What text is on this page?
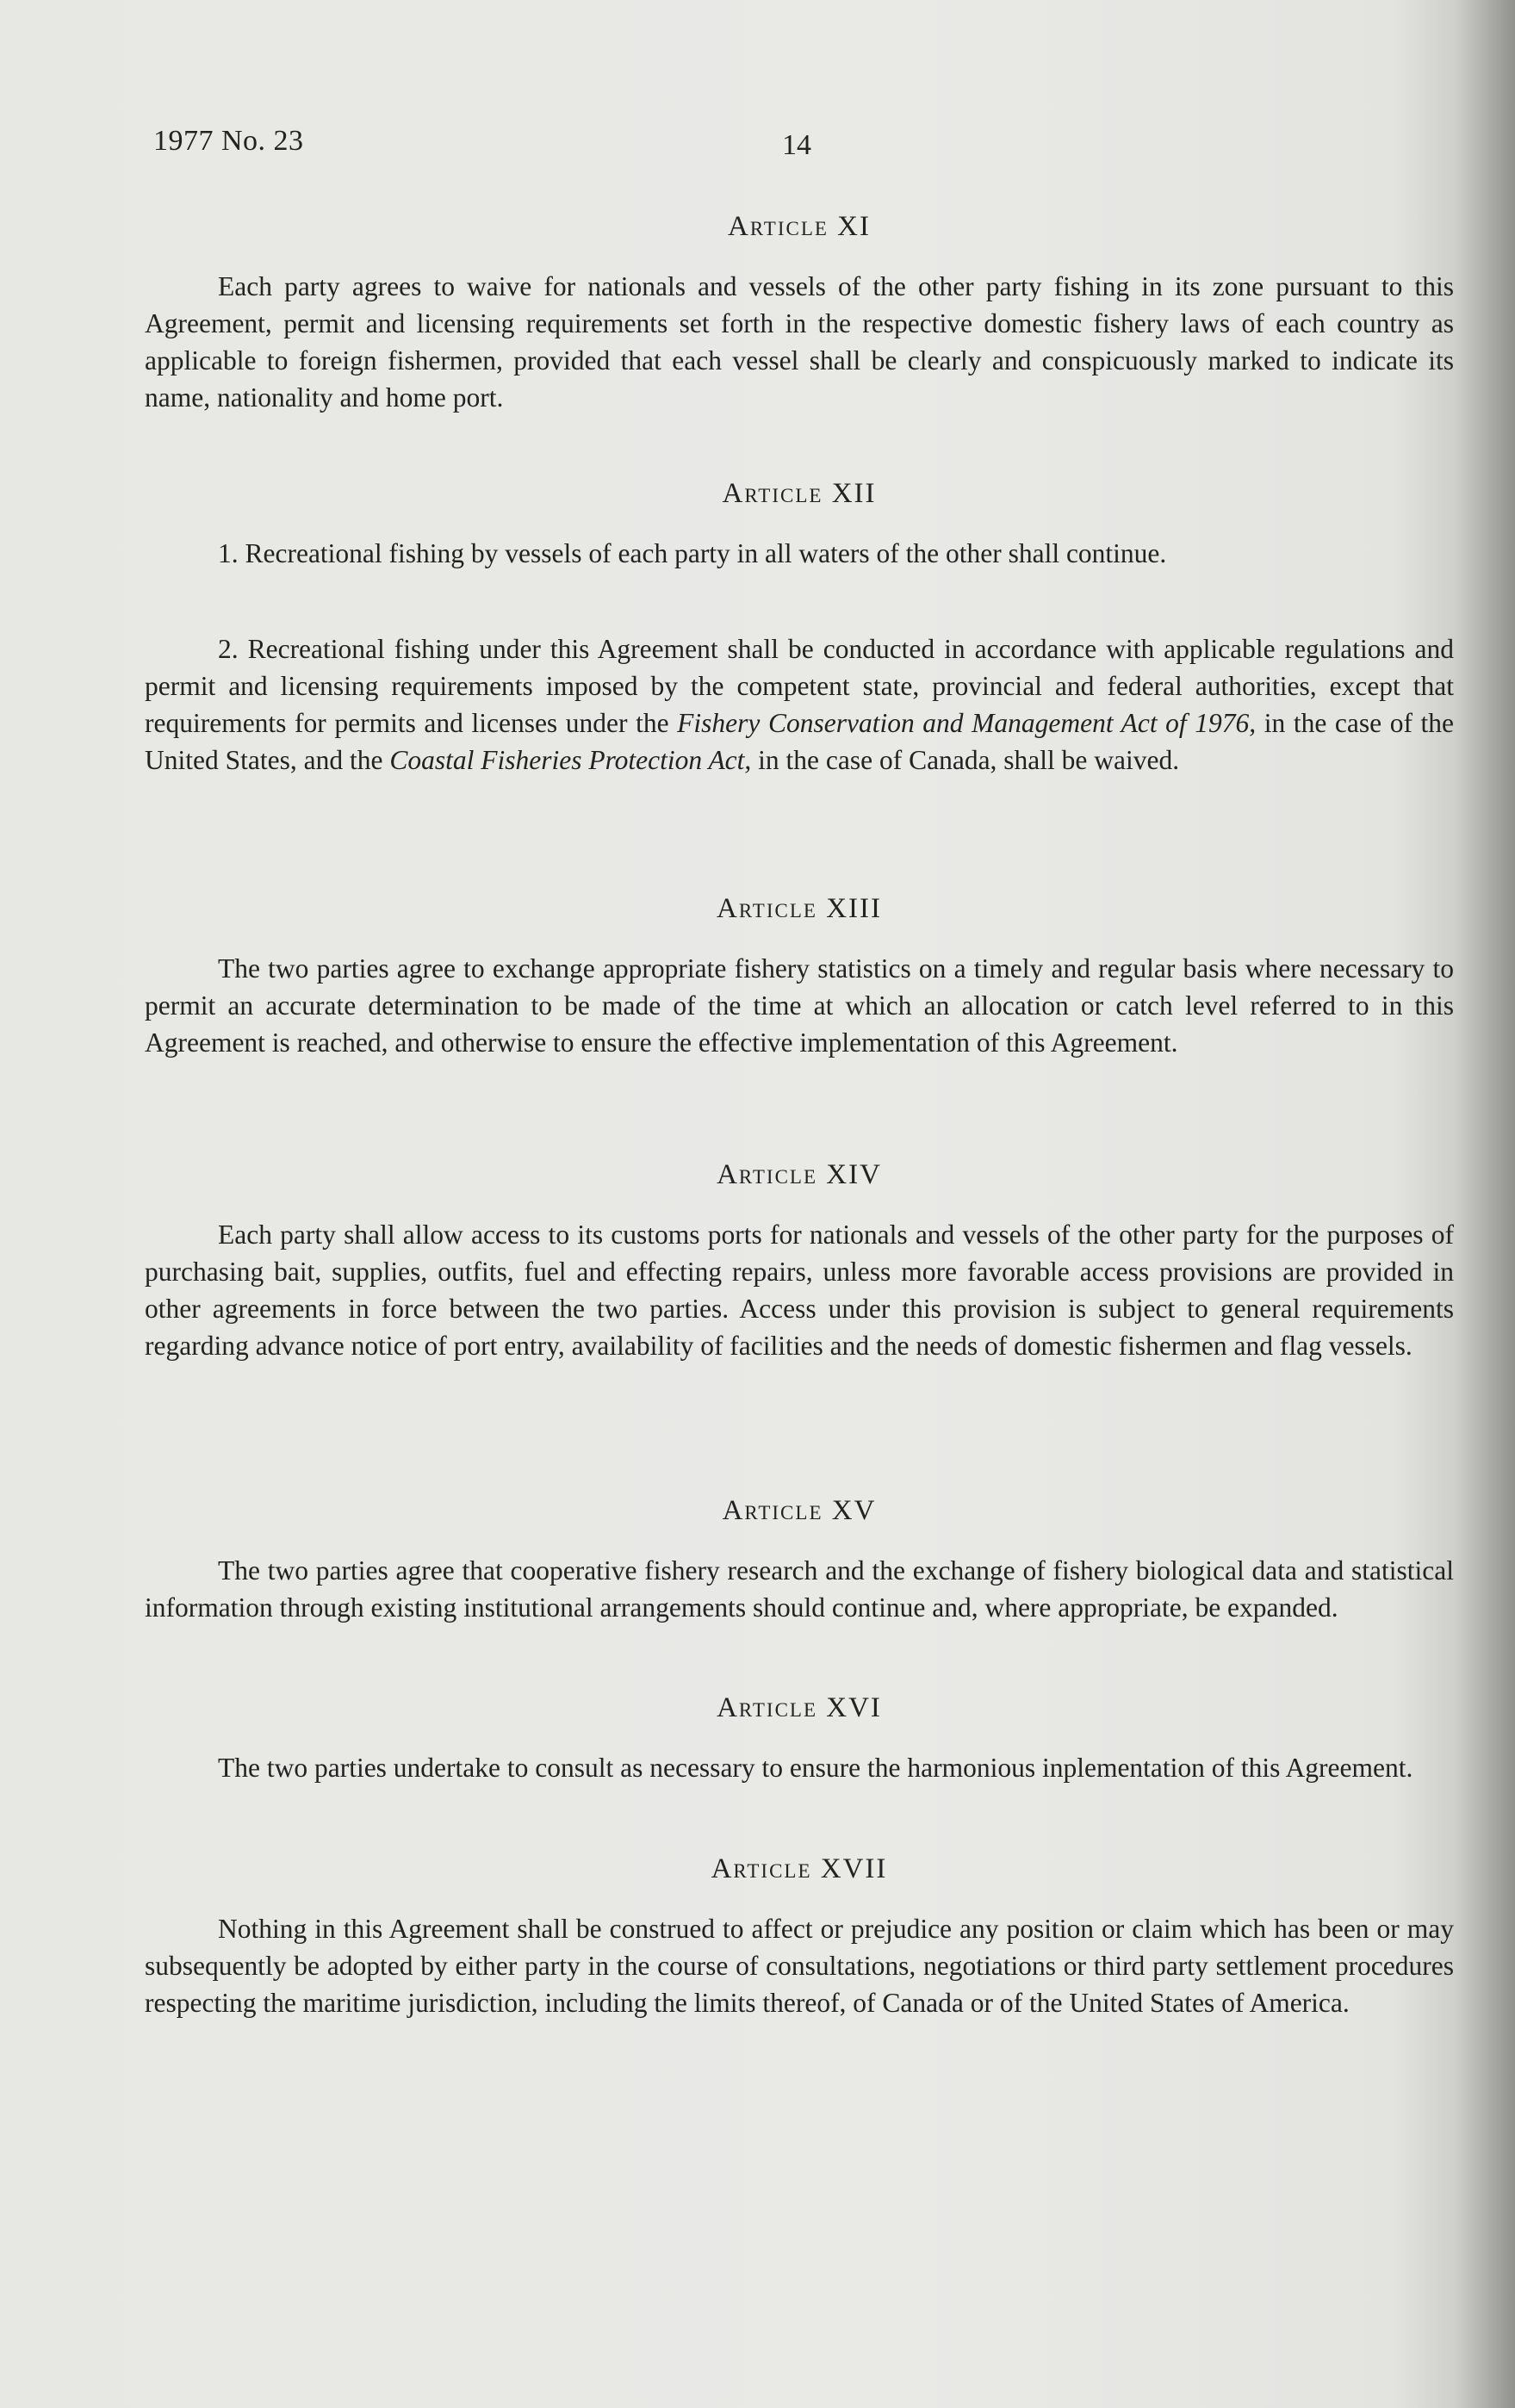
1977 No. 23	14
Article XI

Each party agrees to waive for nationals and vessels of the other party fishing in its zone pursuant to this Agreement, permit and licensing requirements set forth in the respective domestic fishery laws of each country as applicable to foreign fishermen, provided that each vessel shall be clearly and conspicuously marked to indicate its name, nationality and home port.

Article XII

1. Recreational fishing by vessels of each party in all waters of the other shall continue.

2. Recreational fishing under this Agreement shall be conducted in accordance with applicable regulations and permit and licensing requirements imposed by the competent state, provincial and federal authorities, except that requirements for permits and licenses under the Fishery Conservation and Management Act of 1976, in the case of the United States, and the Coastal Fisheries Protection Act, in the case of Canada, shall be waived.

Article XIII

The two parties agree to exchange appropriate fishery statistics on a timely and regular basis where necessary to permit an accurate determination to be made of the time at which an allocation or catch level referred to in this Agreement is reached, and otherwise to ensure the effective implementation of this Agreement.

Article XIV

Each party shall allow access to its customs ports for nationals and vessels of the other party for the purposes of purchasing bait, supplies, outfits, fuel and effecting repairs, unless more favorable access provisions are provided in other agreements in force between the two parties. Access under this provision is subject to general requirements regarding advance notice of port entry, availability of facilities and the needs of domestic fishermen and flag vessels.

Article XV

The two parties agree that cooperative fishery research and the exchange of fishery biological data and statistical information through existing institutional arrangements should continue and, where appropriate, be expanded.

Article XVI

The two parties undertake to consult as necessary to ensure the harmonious inplementation of this Agreement.

Article XVII

Nothing in this Agreement shall be construed to affect or prejudice any position or claim which has been or may subsequently be adopted by either party in the course of consultations, negotiations or third party settlement procedures respecting the maritime jurisdiction, including the limits thereof, of Canada or of the United States of America.
